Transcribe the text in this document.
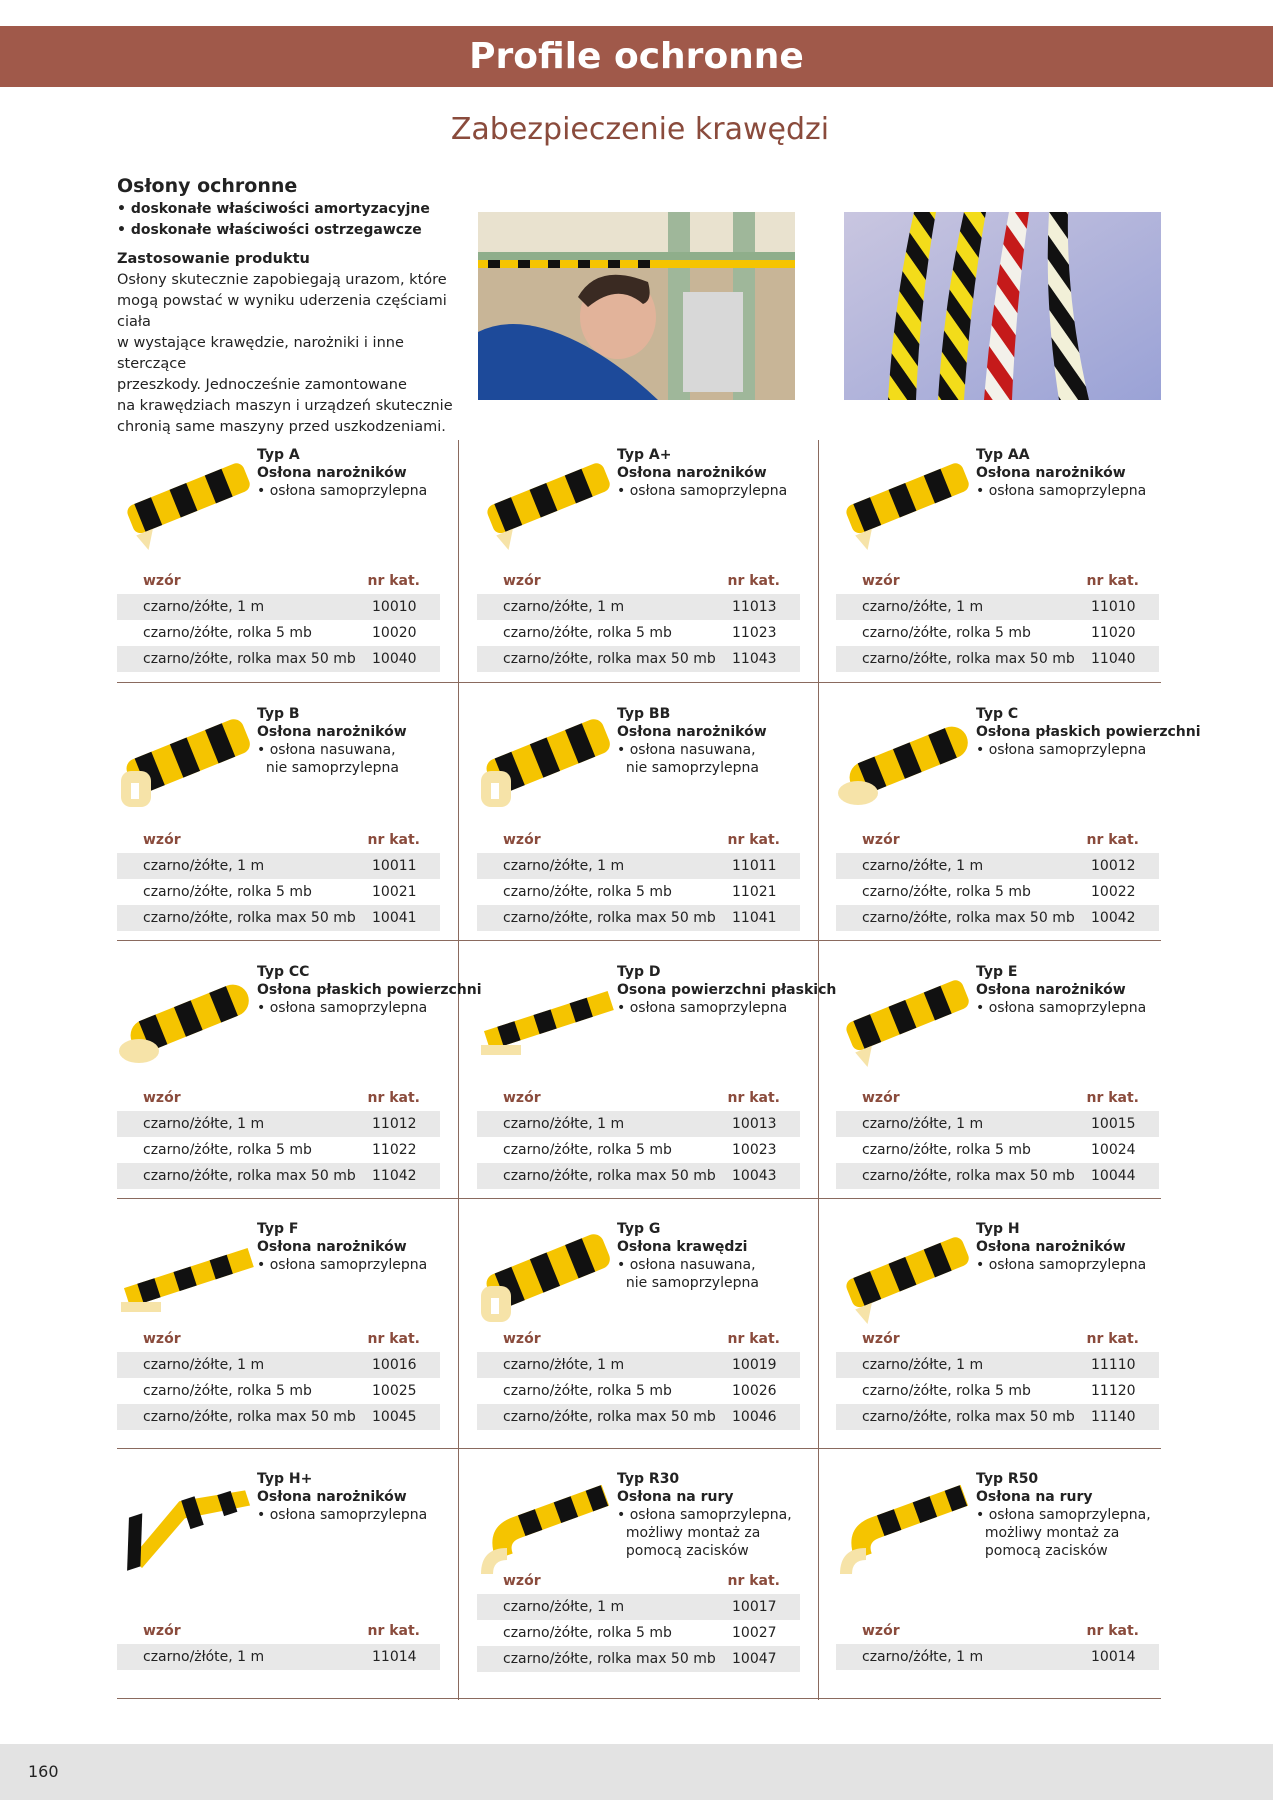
Profile ochronne
Zabezpieczenie krawędzi
Osłony ochronne
• doskonałe właściwości amortyzacyjne
• doskonałe właściwości ostrzegawcze
Zastosowanie produktu
Osłony skutecznie zapobiegają urazom, które
mogą powstać w wyniku uderzenia częściami ciała
w wystające krawędzie, narożniki i inne sterczące
przeszkody. Jednocześnie zamontowane
na krawędziach maszyn i urządzeń skutecznie
chronią same maszyny przed uszkodzeniami.
Typ A
Osłona narożników
• osłona samoprzylepna
wzór	nr kat.
czarno/żółte, 1 m	10010
czarno/żółte, rolka 5 mb	10020
czarno/żółte, rolka max 50 mb	10040
Typ A+
Osłona narożników
• osłona samoprzylepna
wzór	nr kat.
czarno/żółte, 1 m	11013
czarno/żółte, rolka 5 mb	11023
czarno/żółte, rolka max 50 mb	11043
Typ AA
Osłona narożników
• osłona samoprzylepna
wzór	nr kat.
czarno/żółte, 1 m	11010
czarno/żółte, rolka 5 mb	11020
czarno/żółte, rolka max 50 mb	11040
Typ B
Osłona narożników
• osłona nasuwana,
nie samoprzylepna
wzór	nr kat.
czarno/żółte, 1 m	10011
czarno/żółte, rolka 5 mb	10021
czarno/żółte, rolka max 50 mb	10041
Typ BB
Osłona narożników
• osłona nasuwana,
nie samoprzylepna
wzór	nr kat.
czarno/żółte, 1 m	11011
czarno/żółte, rolka 5 mb	11021
czarno/żółte, rolka max 50 mb	11041
Typ C
Osłona płaskich powierzchni
• osłona samoprzylepna
wzór	nr kat.
czarno/żółte, 1 m	10012
czarno/żółte, rolka 5 mb	10022
czarno/żółte, rolka max 50 mb	10042
Typ CC
Osłona płaskich powierzchni
• osłona samoprzylepna
wzór	nr kat.
czarno/żółte, 1 m	11012
czarno/żółte, rolka 5 mb	11022
czarno/żółte, rolka max 50 mb	11042
Typ D
Osona powierzchni płaskich
• osłona samoprzylepna
wzór	nr kat.
czarno/żółte, 1 m	10013
czarno/żółte, rolka 5 mb	10023
czarno/żółte, rolka max 50 mb	10043
Typ E
Osłona narożników
• osłona samoprzylepna
wzór	nr kat.
czarno/żółte, 1 m	10015
czarno/żółte, rolka 5 mb	10024
czarno/żółte, rolka max 50 mb	10044
Typ F
Osłona narożników
• osłona samoprzylepna
wzór	nr kat.
czarno/żółte, 1 m	10016
czarno/żółte, rolka 5 mb	10025
czarno/żółte, rolka max 50 mb	10045
Typ G
Osłona krawędzi
• osłona nasuwana,
nie samoprzylepna
wzór	nr kat.
czarno/żłóte, 1 m	10019
czarno/żółte, rolka 5 mb	10026
czarno/żółte, rolka max 50 mb	10046
Typ H
Osłona narożników
• osłona samoprzylepna
wzór	nr kat.
czarno/żółte, 1 m	11110
czarno/żółte, rolka 5 mb	11120
czarno/żółte, rolka max 50 mb	11140
Typ H+
Osłona narożników
• osłona samoprzylepna
wzór	nr kat.
czarno/żłóte, 1 m	11014
Typ R30
Osłona na rury
• osłona samoprzylepna,
możliwy montaż za
pomocą zacisków
wzór	nr kat.
czarno/żółte, 1 m	10017
czarno/żółte, rolka 5 mb	10027
czarno/żółte, rolka max 50 mb	10047
Typ R50
Osłona na rury
• osłona samoprzylepna,
możliwy montaż za
pomocą zacisków
wzór	nr kat.
czarno/żółte, 1 m	10014
160
